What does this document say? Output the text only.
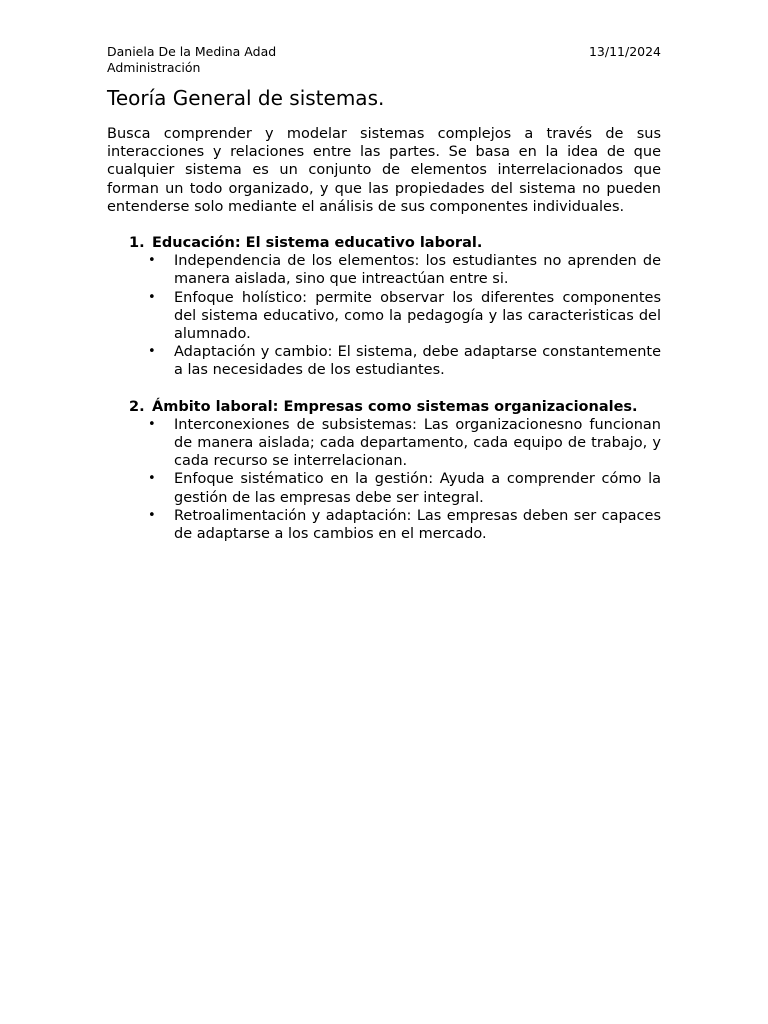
Daniela De la Medina Adad
Administración
13/11/2024
Teoría General de sistemas.
Busca comprender y modelar sistemas complejos a través de sus interacciones y relaciones entre las partes. Se basa en la idea de que cualquier sistema es un conjunto de elementos interrelacionados que forman un todo organizado, y que las propiedades del sistema no pueden entenderse solo mediante el análisis de sus componentes individuales.
1. Educación: El sistema educativo laboral.
• Independencia de los elementos: los estudiantes no aprenden de manera aislada, sino que intreactúan entre si.
• Enfoque holístico: permite observar los diferentes componentes del sistema educativo, como la pedagogía y las caracteristicas del alumnado.
• Adaptación y cambio: El sistema, debe adaptarse constantemente a las necesidades de los estudiantes.
2. Ámbito laboral: Empresas como sistemas organizacionales.
• Interconexiones de subsistemas: Las organizacionesno funcionan de manera aislada; cada departamento, cada equipo de trabajo, y cada recurso se interrelacionan.
• Enfoque sistématico en la gestión: Ayuda a comprender cómo la gestión de las empresas debe ser integral.
• Retroalimentación y adaptación: Las empresas deben ser capaces de adaptarse a los cambios en el mercado.
